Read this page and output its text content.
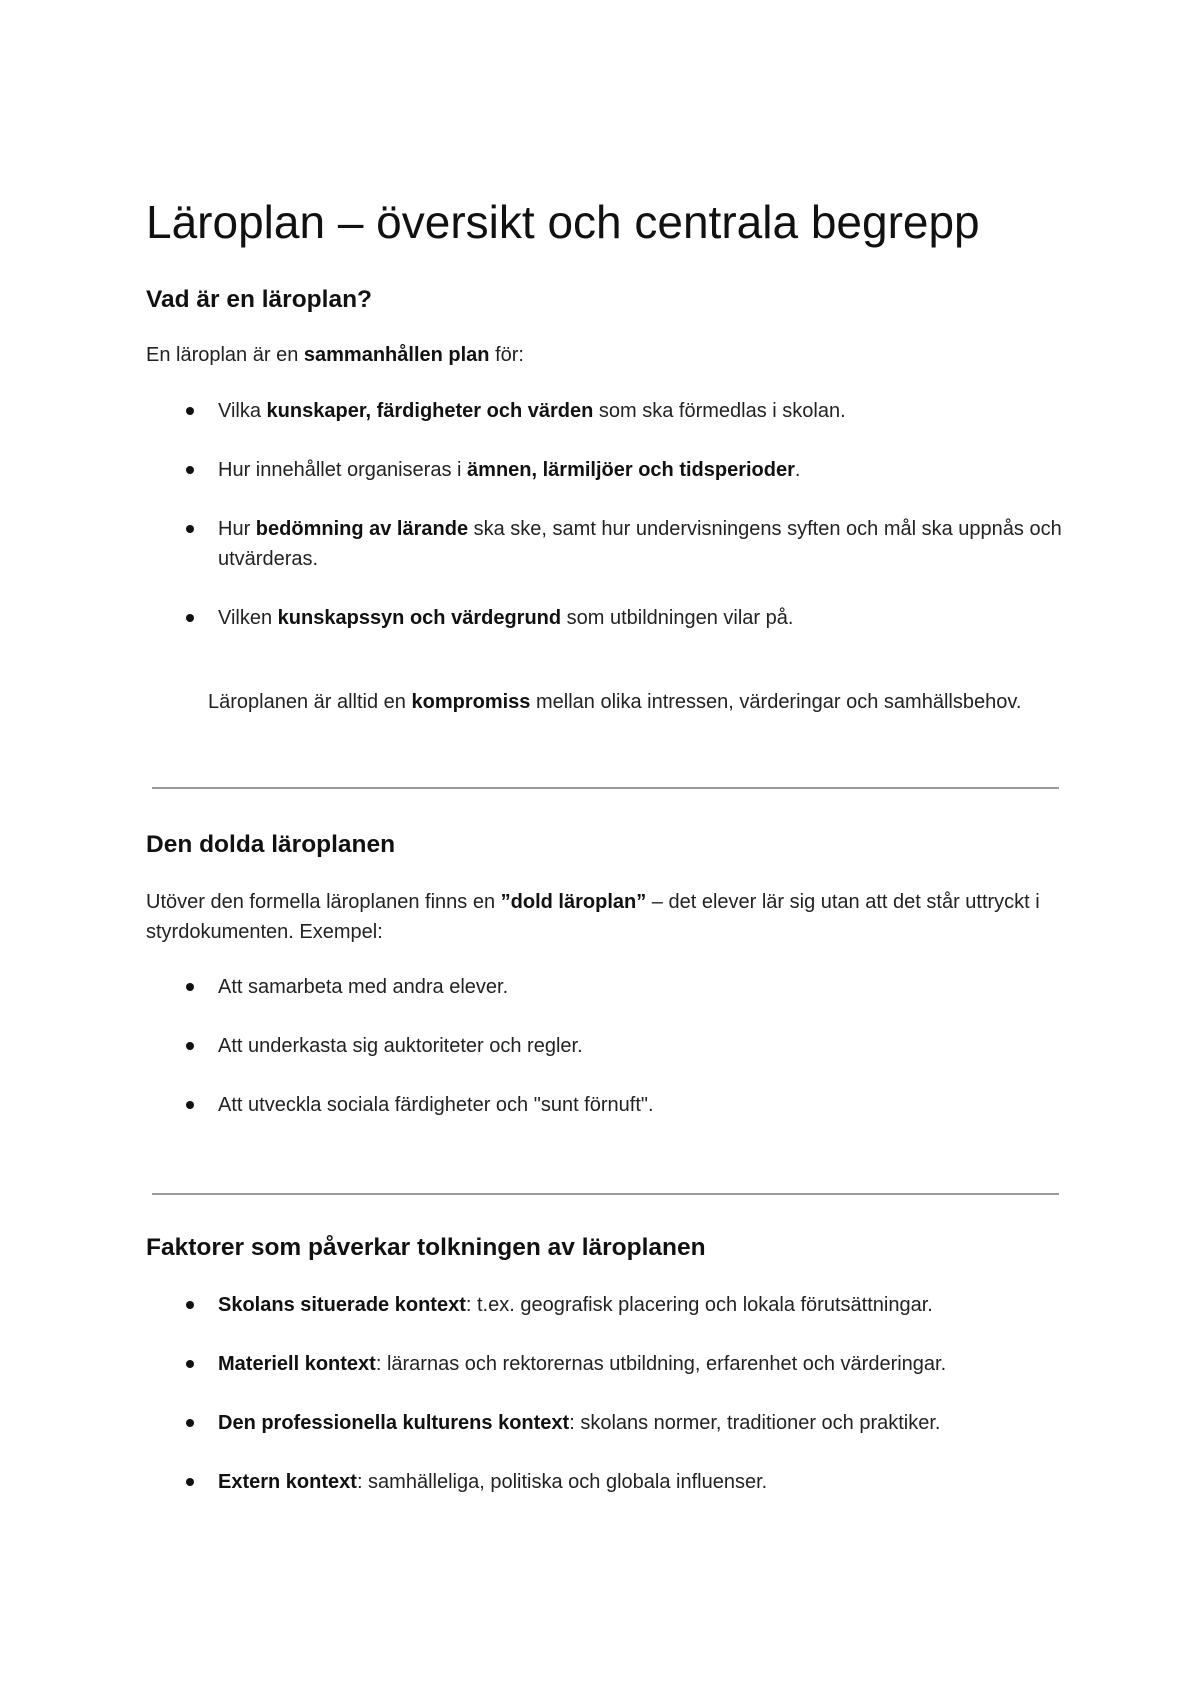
Läroplan – översikt och centrala begrepp
Vad är en läroplan?

En läroplan är en sammanhållen plan för:

Vilka kunskaper, färdigheter och värden som ska förmedlas i skolan.

Hur innehållet organiseras i ämnen, lärmiljöer och tidsperioder.

Hur bedömning av lärande ska ske, samt hur undervisningens syften och mål ska uppnås och utvärderas.

Vilken kunskapssyn och värdegrund som utbildningen vilar på.

Läroplanen är alltid en kompromiss mellan olika intressen, värderingar och samhällsbehov.

Den dolda läroplanen

Utöver den formella läroplanen finns en ”dold läroplan” – det elever lär sig utan att det står uttryckt i styrdokumenten. Exempel:

Att samarbeta med andra elever.

Att underkasta sig auktoriteter och regler.

Att utveckla sociala färdigheter och "sunt förnuft".

Faktorer som påverkar tolkningen av läroplanen

Skolans situerade kontext: t.ex. geografisk placering och lokala förutsättningar.

Materiell kontext: lärarnas och rektorernas utbildning, erfarenhet och värderingar.

Den professionella kulturens kontext: skolans normer, traditioner och praktiker.

Extern kontext: samhälleliga, politiska och globala influenser.
